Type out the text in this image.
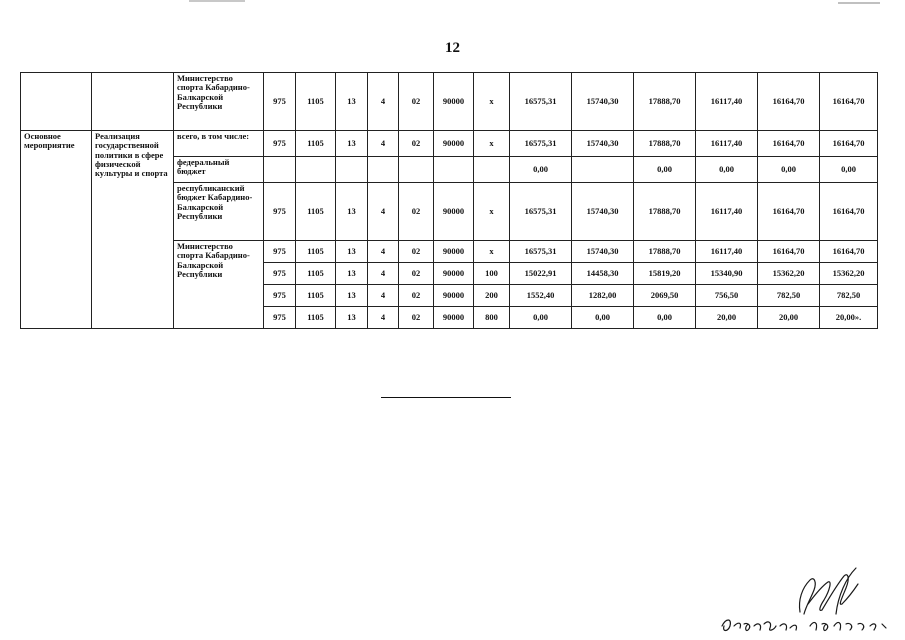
12
		Министерство спорта Кабардино-Балкарской Республики	975	1105	13	4	02	90000	х	16575,31	15740,30	17888,70	16117,40	16164,70	16164,70
Основное мероприятие	Реализация государственной политики в сфере физической культуры и спорта	всего, в том числе:	975	1105	13	4	02	90000	х	16575,31	15740,30	17888,70	16117,40	16164,70	16164,70
		федеральный бюджет								0,00		0,00	0,00	0,00	0,00
		республиканский бюджет Кабардино-Балкарской Республики	975	1105	13	4	02	90000	х	16575,31	15740,30	17888,70	16117,40	16164,70	16164,70
		Министерство спорта Кабардино-Балкарской Республики	975	1105	13	4	02	90000	х	16575,31	15740,30	17888,70	16117,40	16164,70	16164,70
			975	1105	13	4	02	90000	100	15022,91	14458,30	15819,20	15340,90	15362,20	15362,20
			975	1105	13	4	02	90000	200	1552,40	1282,00	2069,50	756,50	782,50	782,50
			975	1105	13	4	02	90000	800	0,00	0,00	0,00	20,00	20,00	20,00».
